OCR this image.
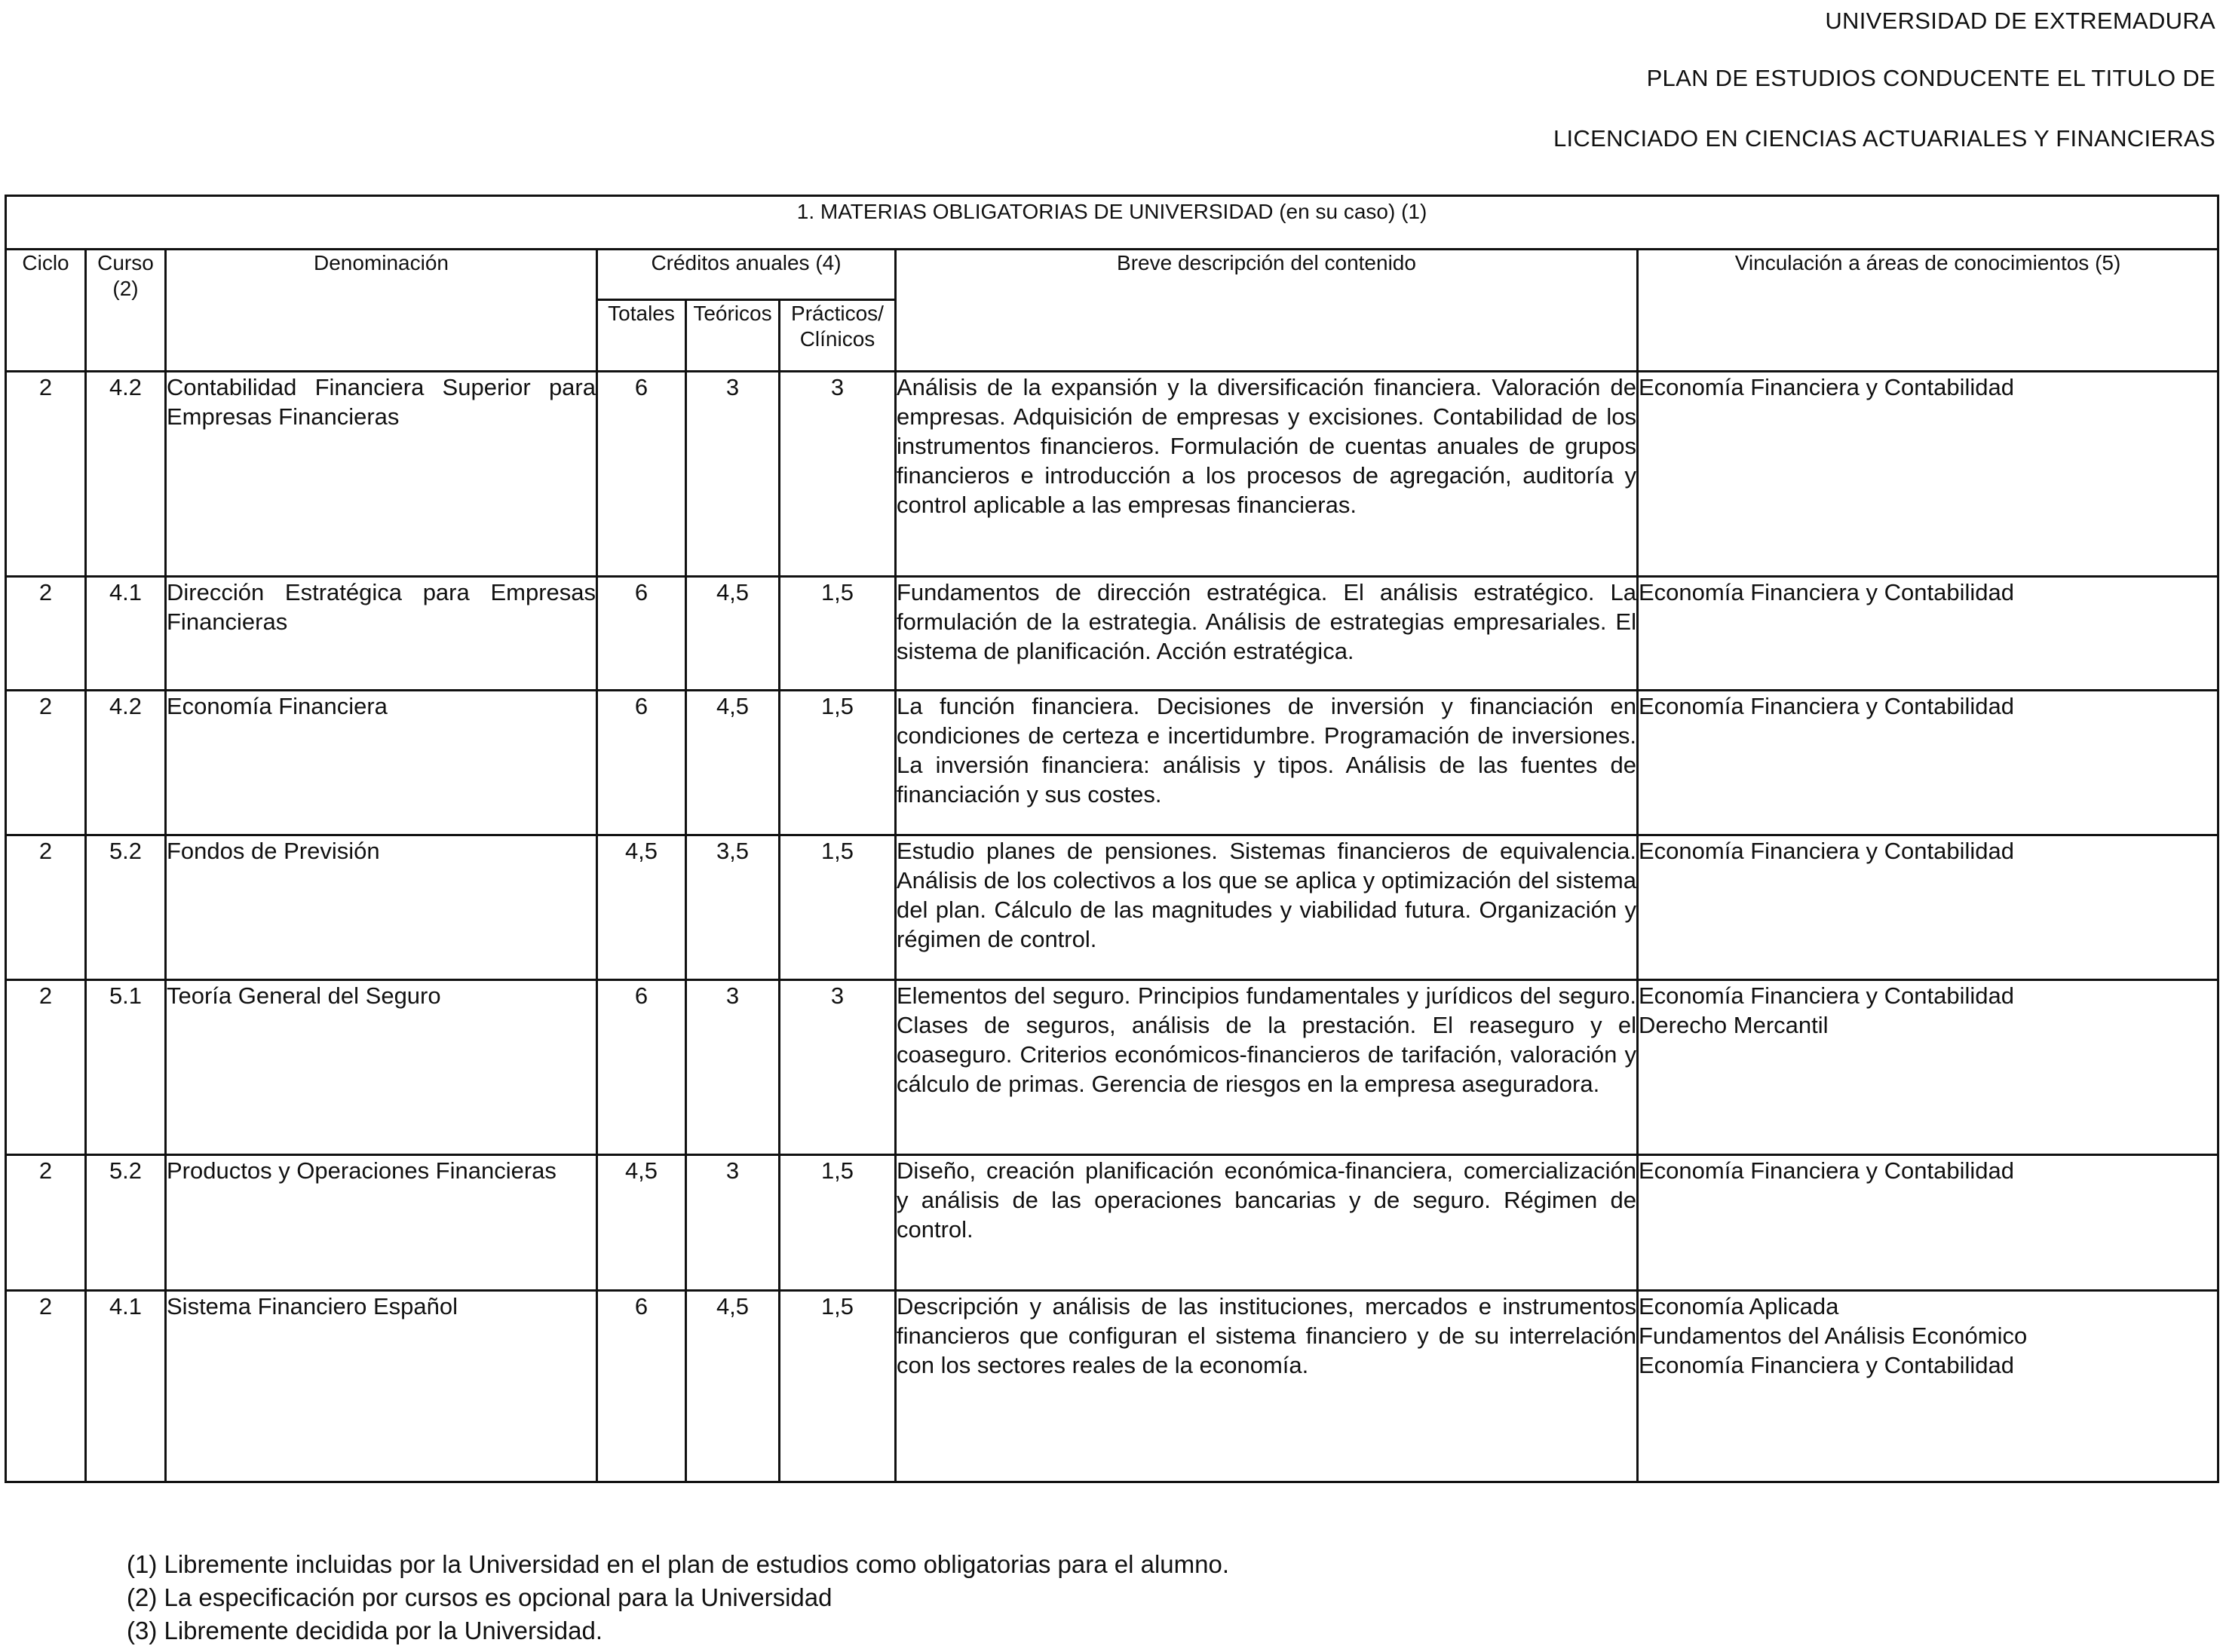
UNIVERSIDAD DE EXTREMADURA
PLAN DE ESTUDIOS CONDUCENTE EL TITULO DE
LICENCIADO EN CIENCIAS ACTUARIALES Y FINANCIERAS
1. MATERIAS OBLIGATORIAS DE UNIVERSIDAD (en su caso) (1)							
Ciclo	Curso (2)	Denominación	Créditos anuales (4)			Breve descripción del contenido	Vinculación a áreas de conocimientos (5)
			Totales	Teóricos	Prácticos/ Clínicos		
2	4.2	Contabilidad Financiera Superior para Empresas Financieras	6	3	3	Análisis de la expansión y la diversificación financiera. Valoración de empresas. Adquisición de empresas y excisiones. Contabilidad de los instrumentos financieros. Formulación de cuentas anuales de grupos financieros e introducción a los procesos de agregación, auditoría y control aplicable a las empresas financieras.	Economía Financiera y Contabilidad

2	4.1	Dirección Estratégica para Empresas Financieras	6	4,5	1,5	Fundamentos de dirección estratégica. El análisis estratégico. La formulación de la estrategia. Análisis de estrategias empresariales. El sistema de planificación. Acción estratégica.	Economía Financiera y Contabilidad

2	4.2	Economía Financiera	6	4,5	1,5	La función financiera. Decisiones de inversión y financiación en condiciones de certeza e incertidumbre. Programación de inversiones. La inversión financiera: análisis y tipos. Análisis de las fuentes de financiación y sus costes.	Economía Financiera y Contabilidad

2	5.2	Fondos de Previsión	4,5	3,5	1,5	Estudio planes de pensiones. Sistemas financieros de equivalencia. Análisis de los colectivos a los que se aplica y optimización del sistema del plan. Cálculo de las magnitudes y viabilidad futura. Organización y régimen de control.	Economía Financiera y Contabilidad

2	5.1	Teoría General del Seguro	6	3	3	Elementos del seguro. Principios fundamentales y jurídicos del seguro. Clases de seguros, análisis de la prestación. El reaseguro y el coaseguro. Criterios económicos-financieros de tarifación, valoración y cálculo de primas. Gerencia de riesgos en la empresa aseguradora.	Economía Financiera y Contabilidad
Derecho Mercantil

2	5.2	Productos y Operaciones Financieras	4,5	3	1,5	Diseño, creación planificación económica-financiera, comercialización y análisis de las operaciones bancarias y de seguro. Régimen de control.	Economía Financiera y Contabilidad

2	4.1	Sistema Financiero Español	6	4,5	1,5	Descripción y análisis de las instituciones, mercados e instrumentos financieros que configuran el sistema financiero y de su interrelación con los sectores reales de la economía.	Economía Aplicada
Fundamentos del Análisis Económico
Economía Financiera y Contabilidad
(1) Libremente incluidas por la Universidad en el plan de estudios como obligatorias para el alumno.
(2) La especificación por cursos es opcional para la Universidad
(3) Libremente decidida por la Universidad.
